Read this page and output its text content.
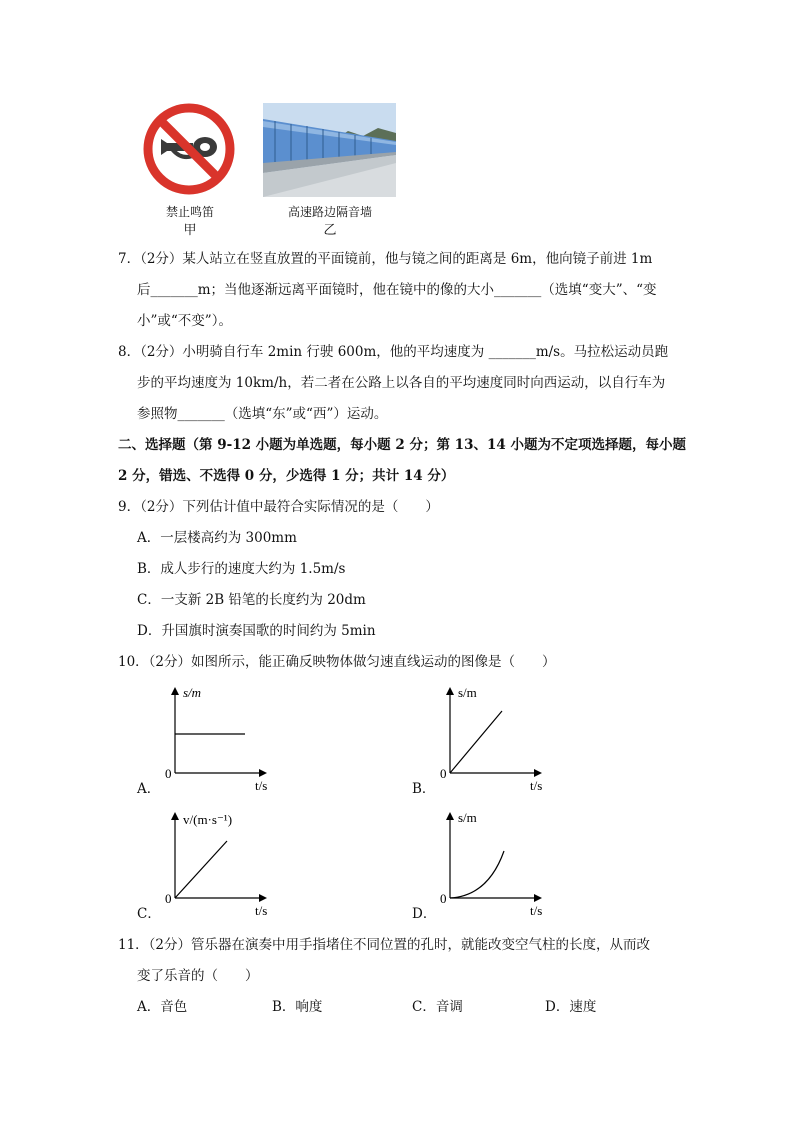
禁止鸣笛
甲
高速路边隔音墙
乙
7．（2分）某人站立在竖直放置的平面镜前，他与镜之间的距离是 6m，他向镜子前进 1m
后_______m；当他逐渐远离平面镜时，他在镜中的像的大小_______（选填“变大”、“变
小”或“不变”）。
8．（2分）小明骑自行车 2min 行驶 600m，他的平均速度为 _______m/s。马拉松运动员跑
步的平均速度为 10km/h，若二者在公路上以各自的平均速度同时向西运动，以自行车为
参照物_______（选填“东”或“西”）运动。
二、选择题（第 9-12 小题为单选题，每小题 2 分；第 13、14 小题为不定项选择题，每小题
2 分，错选、不选得 0 分，少选得 1 分；共计 14 分）
9．（2分）下列估计值中最符合实际情况的是（　　）
A．一层楼高约为 300mm
B．成人步行的速度大约为 1.5m/s
C．一支新 2B 铅笔的长度约为 20dm
D．升国旗时演奏国歌的时间约为 5min
10．（2分）如图所示，能正确反映物体做匀速直线运动的图像是（　　）
A．
s/m
0
t/s	B．
s/m
0
t/s
C．
v/(m·s⁻¹)
0
t/s	D．
s/m
0
t/s
11．（2分）管乐器在演奏中用手指堵住不同位置的孔时，就能改变空气柱的长度，从而改
变了乐音的（　　）
A．音色	B．响度	C．音调	D．速度
